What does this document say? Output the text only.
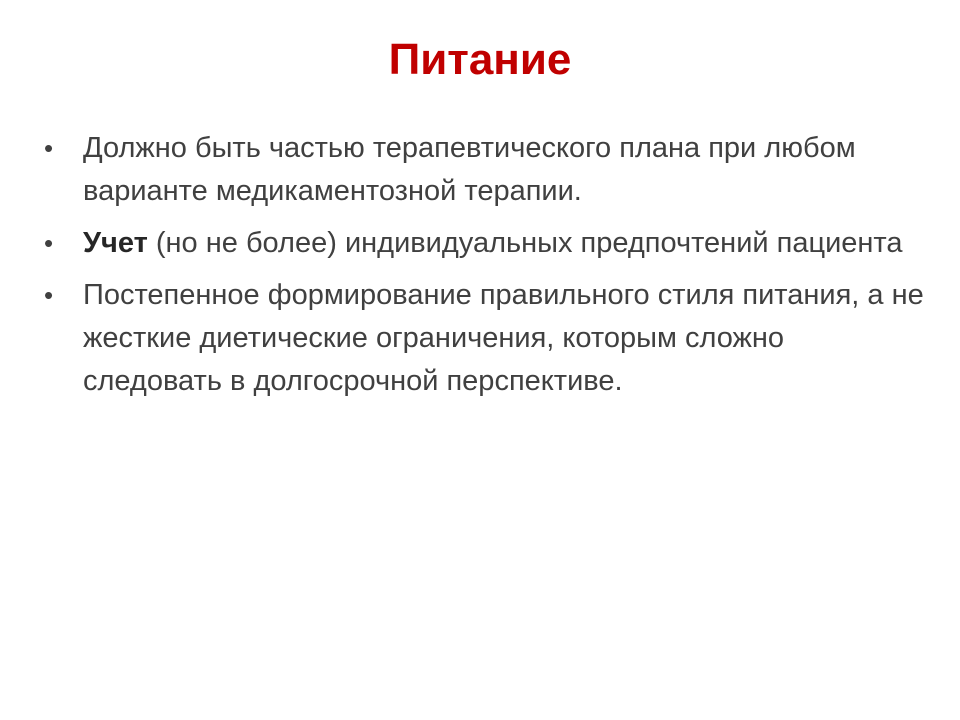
Питание
•	Должно быть частью терапевтического плана при любом варианте медикаментозной терапии.
•	Учет (но не более) индивидуальных предпочтений пациента
•	Постепенное формирование правильного стиля питания, а не жесткие диетические ограничения, которым сложно следовать в долгосрочной перспективе.
